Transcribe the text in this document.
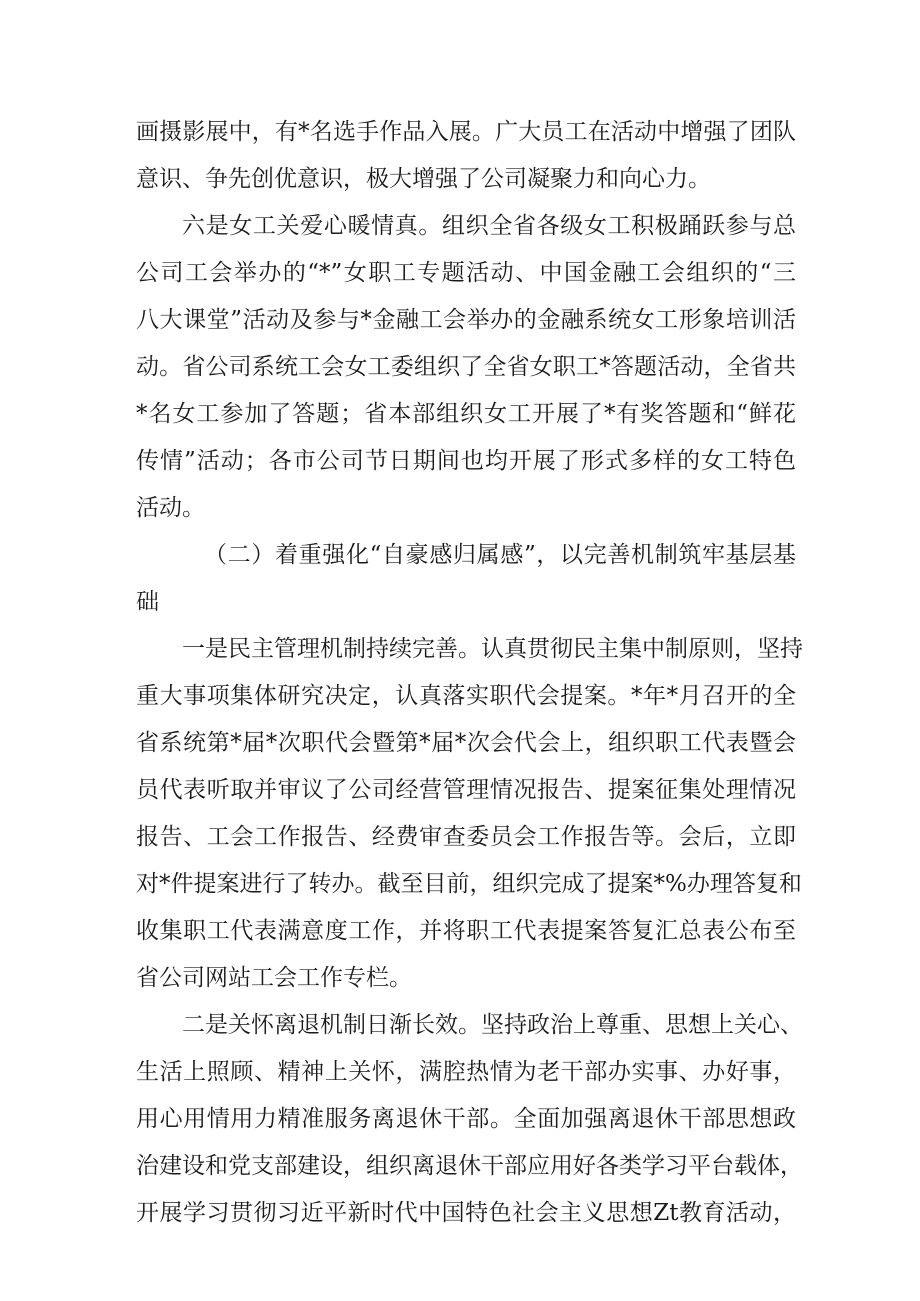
画摄影展中，有*名选手作品入展。广大员工在活动中增强了团队
意识、争先创优意识，极大增强了公司凝聚力和向心力。
六是女工关爱心暖情真。组织全省各级女工积极踊跃参与总
公司工会举办的“*”女职工专题活动、中国金融工会组织的“三
八大课堂”活动及参与*金融工会举办的金融系统女工形象培训活
动。省公司系统工会女工委组织了全省女职工*答题活动，全省共
*名女工参加了答题；省本部组织女工开展了*有奖答题和“鲜花
传情”活动；各市公司节日期间也均开展了形式多样的女工特色
活动。
（二）着重强化“自豪感归属感”，以完善机制筑牢基层基
础
一是民主管理机制持续完善。认真贯彻民主集中制原则，坚持
重大事项集体研究决定，认真落实职代会提案。*年*月召开的全
省系统第*届*次职代会暨第*届*次会代会上，组织职工代表暨会
员代表听取并审议了公司经营管理情况报告、提案征集处理情况
报告、工会工作报告、经费审查委员会工作报告等。会后，立即
对*件提案进行了转办。截至目前，组织完成了提案*%办理答复和
收集职工代表满意度工作，并将职工代表提案答复汇总表公布至
省公司网站工会工作专栏。
二是关怀离退机制日渐长效。坚持政治上尊重、思想上关心、
生活上照顾、精神上关怀，满腔热情为老干部办实事、办好事，
用心用情用力精准服务离退休干部。全面加强离退休干部思想政
治建设和党支部建设，组织离退休干部应用好各类学习平台载体，
开展学习贯彻习近平新时代中国特色社会主义思想Zt教育活动，
